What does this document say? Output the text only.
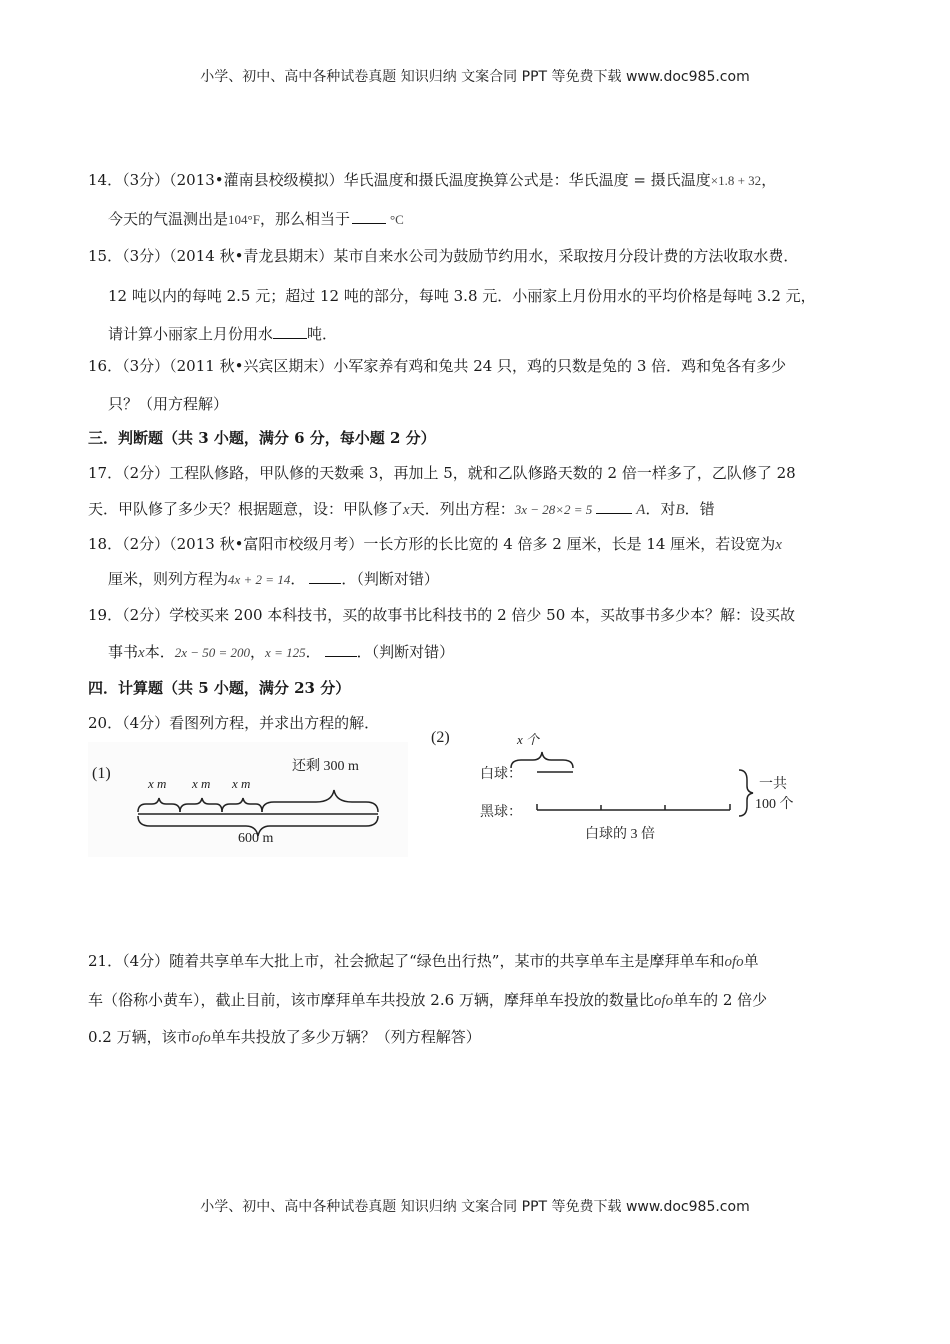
小学、初中、高中各种试卷真题 知识归纳 文案合同 PPT 等免费下载 www.doc985.com
小学、初中、高中各种试卷真题 知识归纳 文案合同 PPT 等免费下载 www.doc985.com
14．（3分）（2013•灌南县校级模拟）华氏温度和摄氏温度换算公式是：华氏温度 = 摄氏温度×1.8 + 32，
今天的气温测出是104°F，那么相当于	°C
15．（3分）（2014 秋•青龙县期末）某市自来水公司为鼓励节约用水，采取按月分段计费的方法收取水费．
12 吨以内的每吨 2.5 元；超过 12 吨的部分，每吨 3.8 元．小丽家上月份用水的平均价格是每吨 3.2 元，
请计算小丽家上月份用水 吨．
16．（3分）（2011 秋•兴宾区期末）小军家养有鸡和兔共 24 只，鸡的只数是兔的 3 倍．鸡和兔各有多少
只？（用方程解）
三．判断题（共 3 小题，满分 6 分，每小题 2 分）
17．（2分）工程队修路，甲队修的天数乘 3，再加上 5，就和乙队修路天数的 2 倍一样多了，乙队修了 28
天．甲队修了多少天？根据题意，设：甲队修了x天．列出方程：3x − 28×2 = 5	A．对B．错
18．（2分）（2013 秋•富阳市校级月考）一长方形的长比宽的 4 倍多 2 厘米，长是 14 厘米，若设宽为x
厘米，则列方程为4x + 2 = 14． ．（判断对错）
19．（2分）学校买来 200 本科技书，买的故事书比科技书的 2 倍少 50 本，买故事书多少本？解：设买故
事书x本．2x − 50 = 200，x = 125． ．（判断对错）
四．计算题（共 5 小题，满分 23 分）
20．（4分）看图列方程，并求出方程的解．
(1)
x m x m x m
还剩 300 m
600 m
(2)	x 个
白球：
黑球：
白球的 3 倍
一共
100 个
21．（4分）随着共享单车大批上市，社会掀起了“绿色出行热”，某市的共享单车主是摩拜单车和ofo单
车（俗称小黄车），截止目前，该市摩拜单车共投放 2.6 万辆，摩拜单车投放的数量比ofo单车的 2 倍少
0.2 万辆，该市ofo单车共投放了多少万辆？（列方程解答）
